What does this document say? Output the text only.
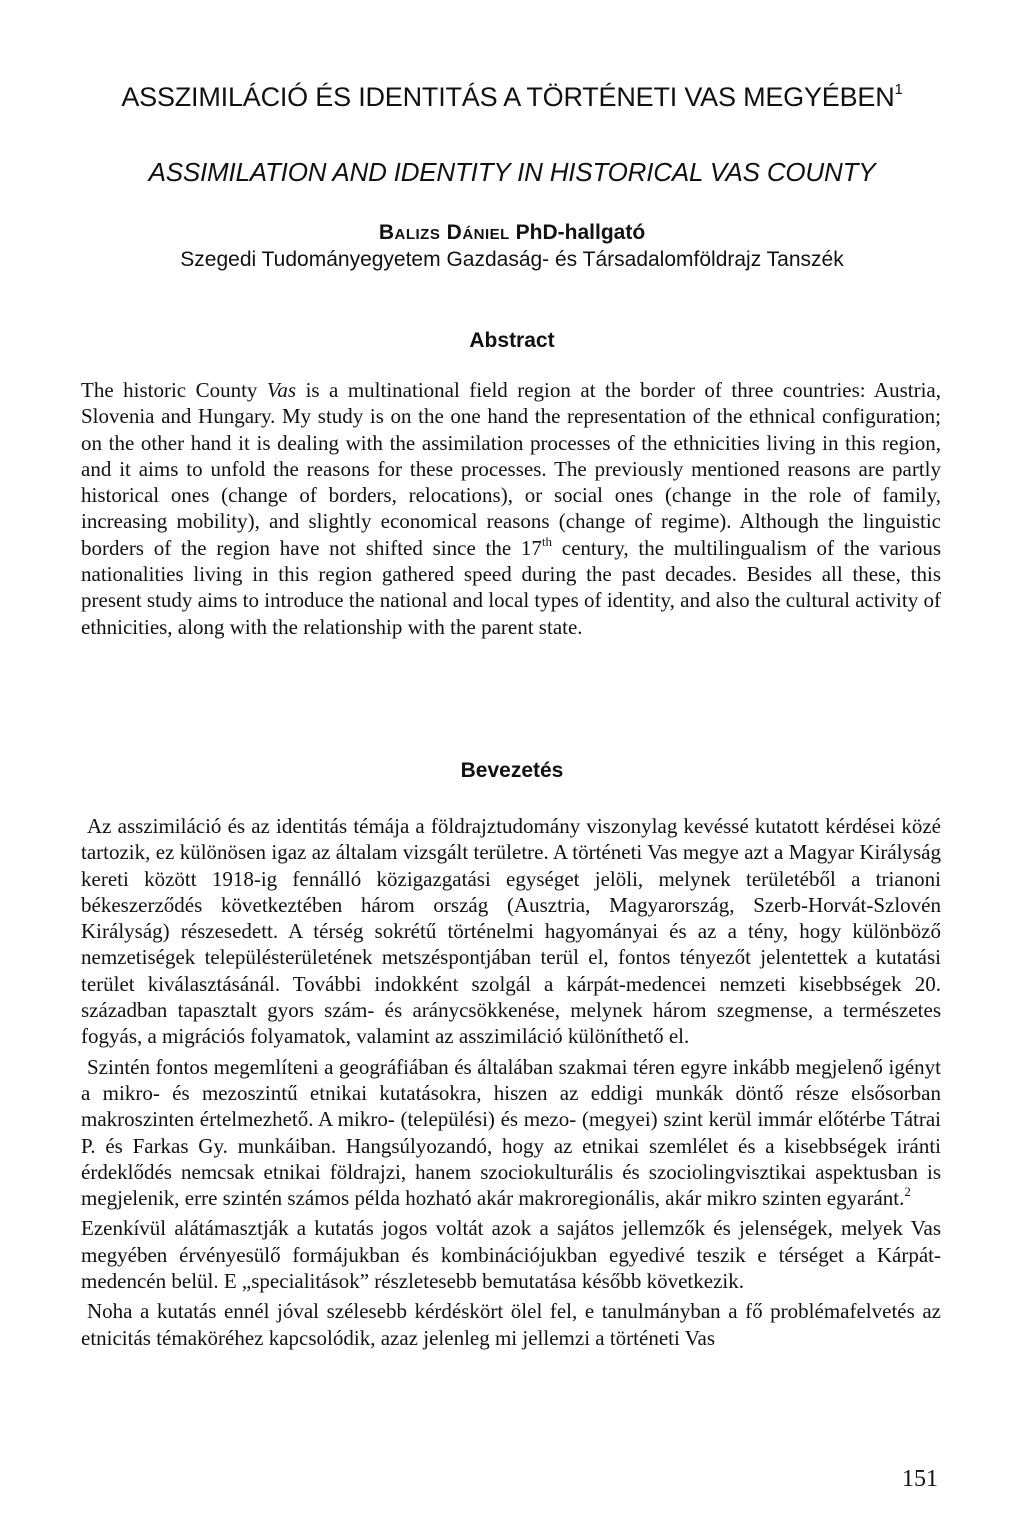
ASSZIMILÁCIÓ ÉS IDENTITÁS A TÖRTÉNETI VAS MEGYÉBEN$^1$
ASSIMILATION AND IDENTITY IN HISTORICAL VAS COUNTY
Balizs Dániel PhD-hallgató
Szegedi Tudományegyetem Gazdaság- és Társadalomföldrajz Tanszék
Abstract

The historic County Vas is a multinational field region at the border of three countries: Austria, Slovenia and Hungary. My study is on the one hand the representation of the ethnical configuration; on the other hand it is dealing with the assimilation processes of the ethnicities living in this region, and it aims to unfold the reasons for these processes. The previously mentioned reasons are partly historical ones (change of borders, relocations), or social ones (change in the role of family, increasing mobility), and slightly economical reasons (change of regime). Although the linguistic borders of the region have not shifted since the 17th century, the multilingualism of the various nationalities living in this region gathered speed during the past decades. Besides all these, this present study aims to introduce the national and local types of identity, and also the cultural activity of ethnicities, along with the relationship with the parent state.

Bevezetés

Az asszimiláció és az identitás témája a földrajztudomány viszonylag kevéssé kutatott kérdései közé tartozik, ez különösen igaz az általam vizsgált területre. A történeti Vas megye azt a Magyar Királyság kereti között 1918-ig fennálló közigazgatási egységet jelöli, melynek területéből a trianoni békeszerződés következtében három ország (Ausztria, Magyarország, Szerb-Horvát-Szlovén Királyság) részesedett. A térség sokrétű történelmi hagyományai és az a tény, hogy különböző nemzetiségek településterületének metszéspontjában terül el, fontos tényezőt jelentettek a kutatási terület kiválasztásánál. További indokként szolgál a kárpát-medencei nemzeti kisebbségek 20. században tapasztalt gyors szám- és aránycsökkenése, melynek három szegmense, a természetes fogyás, a migrációs folyamatok, valamint az asszimiláció különíthető el.

Szintén fontos megemlíteni a geográfiában és általában szakmai téren egyre inkább megjelenő igényt a mikro- és mezoszintű etnikai kutatásokra, hiszen az eddigi munkák döntő része elsősorban makroszinten értelmezhető. A mikro- (települési) és mezo- (megyei) szint kerül immár előtérbe Tátrai P. és Farkas Gy. munkáiban. Hangsúlyozandó, hogy az etnikai szemlélet és a kisebbségek iránti érdeklődés nemcsak etnikai földrajzi, hanem szociokulturális és szociolingvisztikai aspektusban is megjelenik, erre szintén számos példa hozható akár makroregionális, akár mikro szinten egyaránt.$^2$

Ezenkívül alátámasztják a kutatás jogos voltát azok a sajátos jellemzők és jelenségek, melyek Vas megyében érvényesülő formájukban és kombinációjukban egyedivé teszik e térséget a Kárpát-medencén belül. E „specialitások” részletesebb bemutatása később következik.

Noha a kutatás ennél jóval szélesebb kérdéskört ölel fel, e tanulmányban a fő problémafelvetés az etnicitás témaköréhez kapcsolódik, azaz jelenleg mi jellemzi a történeti Vas

151
